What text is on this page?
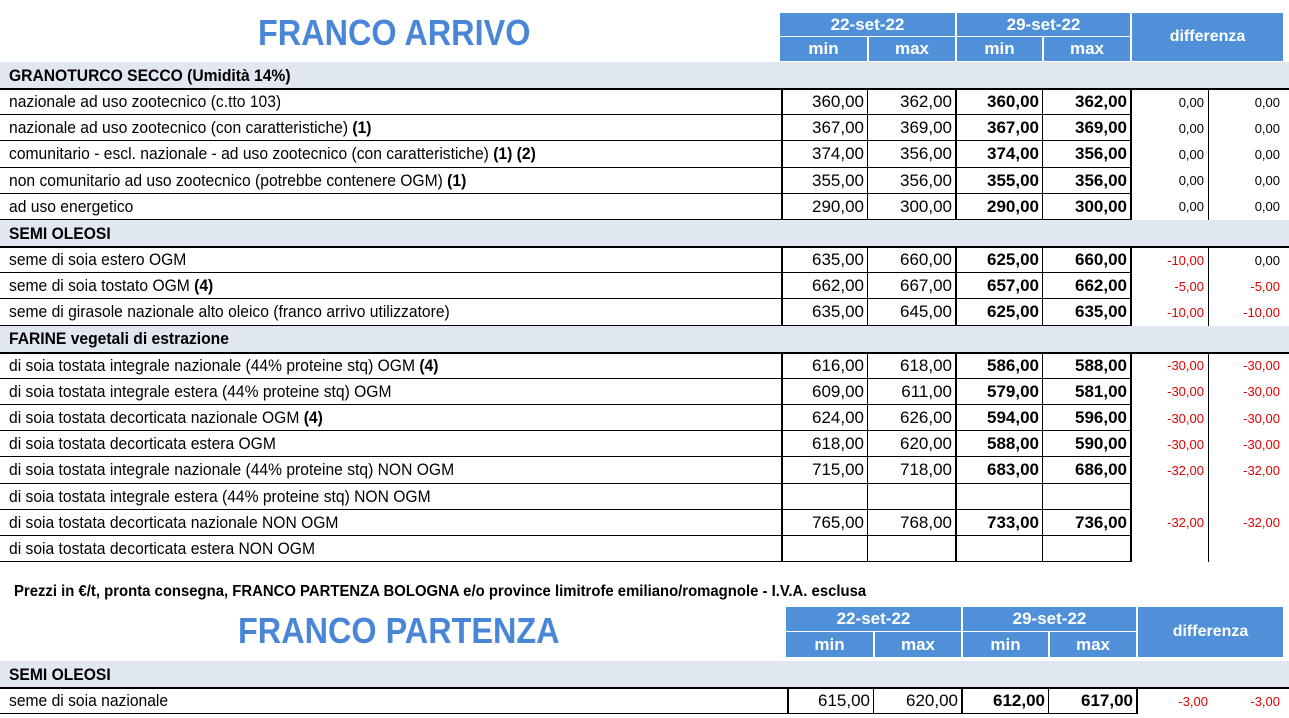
FRANCO ARRIVO	22-set-22	29-set-22
min	max	min	max
differenza
GRANOTURCO SECCO (Umidità 14%)
nazionale ad uso zootecnico (c.tto 103)	360,00	362,00	360,00	362,00	0,00	0,00
nazionale ad uso zootecnico (con caratteristiche) (1)	367,00	369,00	367,00	369,00	0,00	0,00
comunitario - escl. nazionale - ad uso zootecnico (con caratteristiche) (1) (2)	374,00	356,00	374,00	356,00	0,00	0,00
non comunitario ad uso zootecnico (potrebbe contenere OGM) (1)	355,00	356,00	355,00	356,00	0,00	0,00
ad uso energetico	290,00	300,00	290,00	300,00	0,00	0,00
SEMI OLEOSI
seme di soia estero OGM	635,00	660,00	625,00	660,00	-10,00	0,00
seme di soia tostato OGM (4)	662,00	667,00	657,00	662,00	-5,00	-5,00
seme di girasole nazionale alto oleico (franco arrivo utilizzatore)	635,00	645,00	625,00	635,00	-10,00	-10,00
FARINE vegetali di estrazione
di soia tostata integrale nazionale (44% proteine stq) OGM (4)	616,00	618,00	586,00	588,00	-30,00	-30,00
di soia tostata integrale estera (44% proteine stq) OGM	609,00	611,00	579,00	581,00	-30,00	-30,00
di soia tostata decorticata nazionale OGM (4)	624,00	626,00	594,00	596,00	-30,00	-30,00
di soia tostata decorticata estera OGM	618,00	620,00	588,00	590,00	-30,00	-30,00
di soia tostata integrale nazionale (44% proteine stq) NON OGM	715,00	718,00	683,00	686,00	-32,00	-32,00
di soia tostata integrale estera (44% proteine stq) NON OGM
di soia tostata decorticata nazionale NON OGM	765,00	768,00	733,00	736,00	-32,00	-32,00
di soia tostata decorticata estera NON OGM
Prezzi in €/t, pronta consegna, FRANCO PARTENZA BOLOGNA e/o province limitrofe emiliano/romagnole - I.V.A. esclusa
FRANCO PARTENZA	22-set-22	29-set-22
min	max	min	max
differenza
SEMI OLEOSI
seme di soia nazionale	615,00	620,00	612,00	617,00	-3,00	-3,00
